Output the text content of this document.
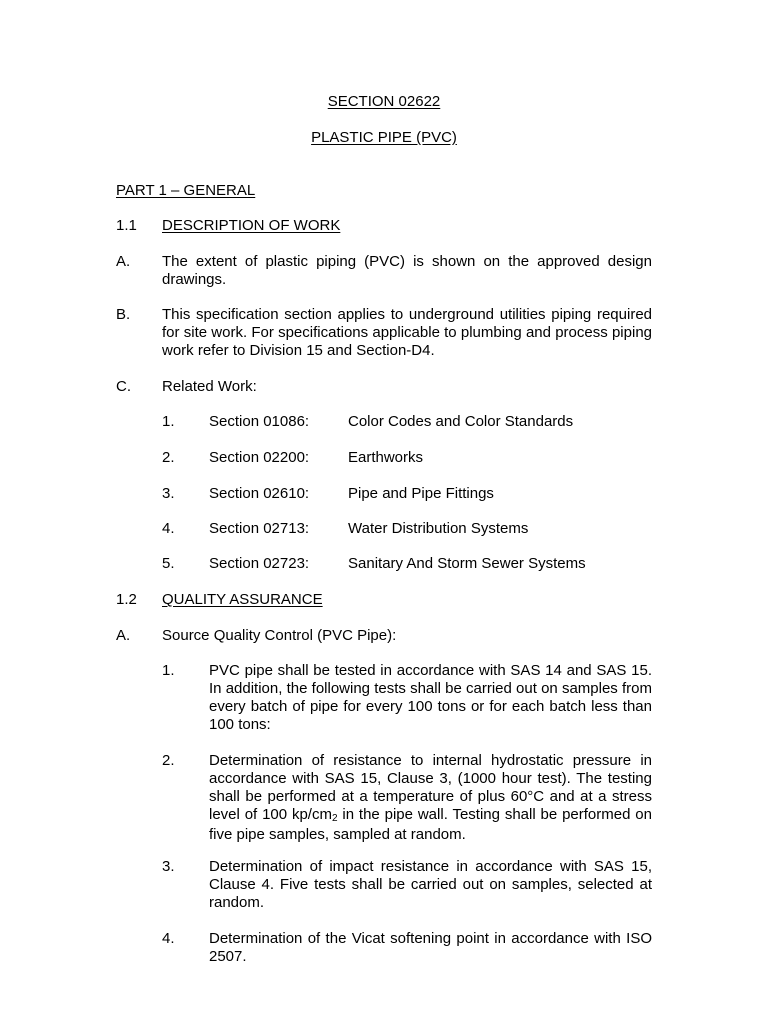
SECTION 02622
PLASTIC PIPE (PVC)
PART 1 – GENERAL
1.1 DESCRIPTION OF WORK
A. The extent of plastic piping (PVC) is shown on the approved design drawings.
B. This specification section applies to underground utilities piping required for site work. For specifications applicable to plumbing and process piping work refer to Division 15 and Section-D4.
C. Related Work:
1. Section 01086:	Color Codes and Color Standards
2. Section 02200:	Earthworks
3. Section 02610:	Pipe and Pipe Fittings
4. Section 02713:	Water Distribution Systems
5. Section 02723:	Sanitary And Storm Sewer Systems
1.2 QUALITY ASSURANCE
A. Source Quality Control (PVC Pipe):
1. PVC pipe shall be tested in accordance with SAS 14 and SAS 15. In addition, the following tests shall be carried out on samples from every batch of pipe for every 100 tons or for each batch less than 100 tons:
2. Determination of resistance to internal hydrostatic pressure in accordance with SAS 15, Clause 3, (1000 hour test). The testing shall be performed at a temperature of plus 60°C and at a stress level of 100 $kp/cm_2$ in the pipe wall. Testing shall be performed on five pipe samples, sampled at random.
3. Determination of impact resistance in accordance with SAS 15, Clause 4. Five tests shall be carried out on samples, selected at random.
4. Determination of the Vicat softening point in accordance with ISO 2507.
